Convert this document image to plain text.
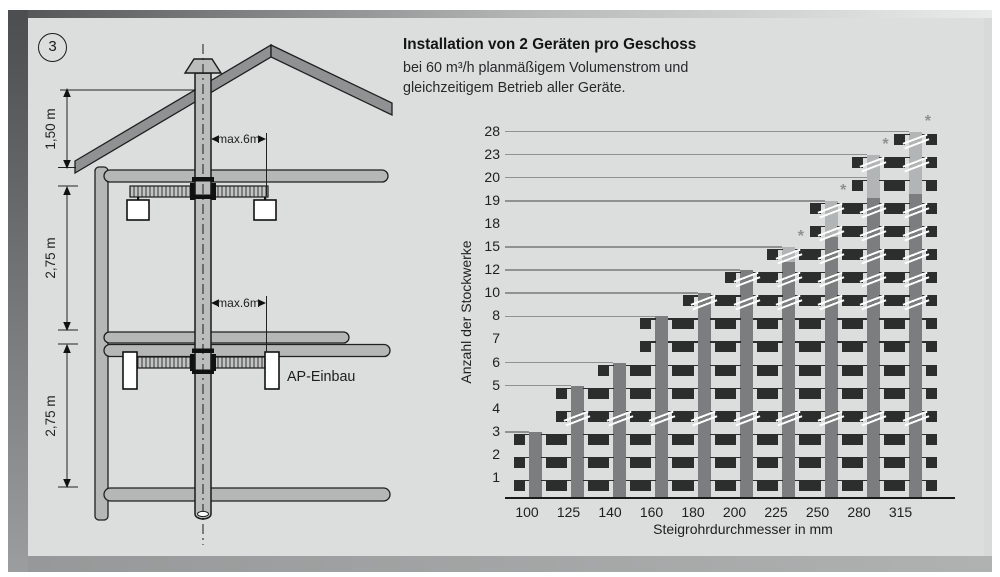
3
1,50 m
2,75 m
2,75 m
max.6m
max.6m
AP-Einbau
Installation von 2 Geräten pro Geschoss
bei 60 m³/h planmäßigem Volumenstrom und
gleichzeitigem Betrieb aller Geräte.
1
2
3
4
5
6
7
8
10
12
15
18
19
20
23
28
100	125	140	160	180	200
*
225
*
250
*
280
*
315
Steigrohrdurchmesser in mm
Anzahl der Stockwerke
